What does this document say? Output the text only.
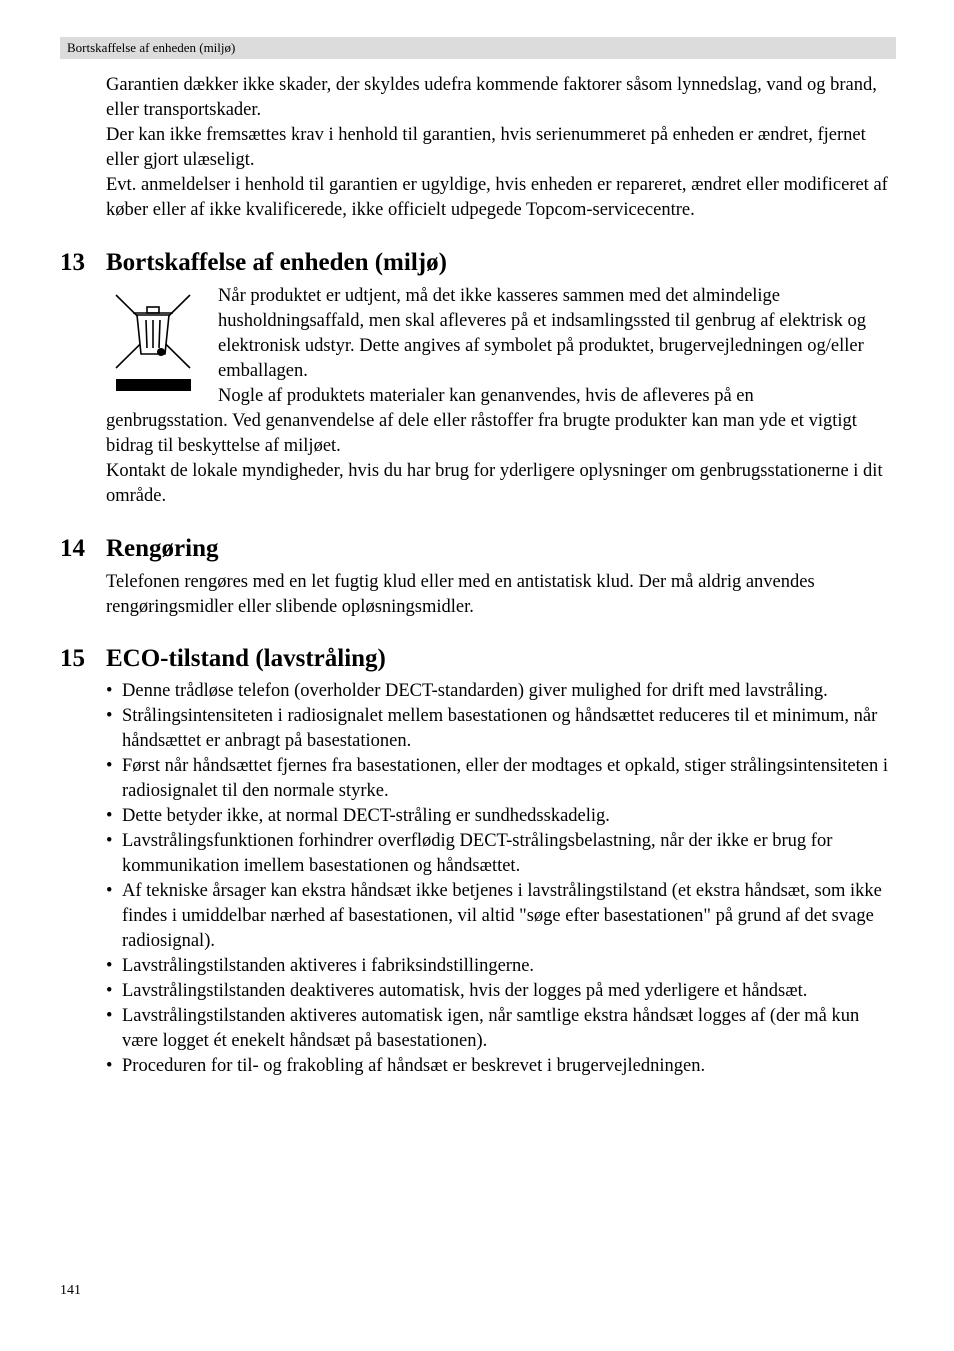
Bortskaffelse af enheden (miljø)

Garantien dækker ikke skader, der skyldes udefra kommende faktorer såsom lynnedslag, vand og brand, eller transportskader.

Der kan ikke fremsættes krav i henhold til garantien, hvis serienummeret på enheden er ændret, fjernet eller gjort ulæseligt.

Evt. anmeldelser i henhold til garantien er ugyldige, hvis enheden er repareret, ændret eller modificeret af køber eller af ikke kvalificerede, ikke officielt udpegede Topcom-servicecentre.

13 Bortskaffelse af enheden (miljø)

Når produktet er udtjent, må det ikke kasseres sammen med det almindelige husholdningsaffald, men skal afleveres på et indsamlingssted til genbrug af elektrisk og elektronisk udstyr. Dette angives af symbolet på produktet, brugervejledningen og/eller emballagen.

Nogle af produktets materialer kan genanvendes, hvis de afleveres på en

genbrugsstation. Ved genanvendelse af dele eller råstoffer fra brugte produkter kan man yde et vigtigt bidrag til beskyttelse af miljøet.

Kontakt de lokale myndigheder, hvis du har brug for yderligere oplysninger om genbrugsstationerne i dit område.

14 Rengøring

Telefonen rengøres med en let fugtig klud eller med en antistatisk klud. Der må aldrig anvendes rengøringsmidler eller slibende opløsningsmidler.

15 ECO-tilstand (lavstråling)
• Denne trådløse telefon (overholder DECT-standarden) giver mulighed for drift med lavstråling.
• Strålingsintensiteten i radiosignalet mellem basestationen og håndsættet reduceres til et minimum, når håndsættet er anbragt på basestationen.
• Først når håndsættet fjernes fra basestationen, eller der modtages et opkald, stiger strålingsintensiteten i radiosignalet til den normale styrke.
• Dette betyder ikke, at normal DECT-stråling er sundhedsskadelig.
• Lavstrålingsfunktionen forhindrer overflødig DECT-strålingsbelastning, når der ikke er brug for kommunikation imellem basestationen og håndsættet.
• Af tekniske årsager kan ekstra håndsæt ikke betjenes i lavstrålingstilstand (et ekstra håndsæt, som ikke findes i umiddelbar nærhed af basestationen, vil altid "søge efter basestationen" på grund af det svage radiosignal).
• Lavstrålingstilstanden aktiveres i fabriksindstillingerne.
• Lavstrålingstilstanden deaktiveres automatisk, hvis der logges på med yderligere et håndsæt.
• Lavstrålingstilstanden aktiveres automatisk igen, når samtlige ekstra håndsæt logges af (der må kun være logget ét enekelt håndsæt på basestationen).
• Proceduren for til- og frakobling af håndsæt er beskrevet i brugervejledningen.
141
